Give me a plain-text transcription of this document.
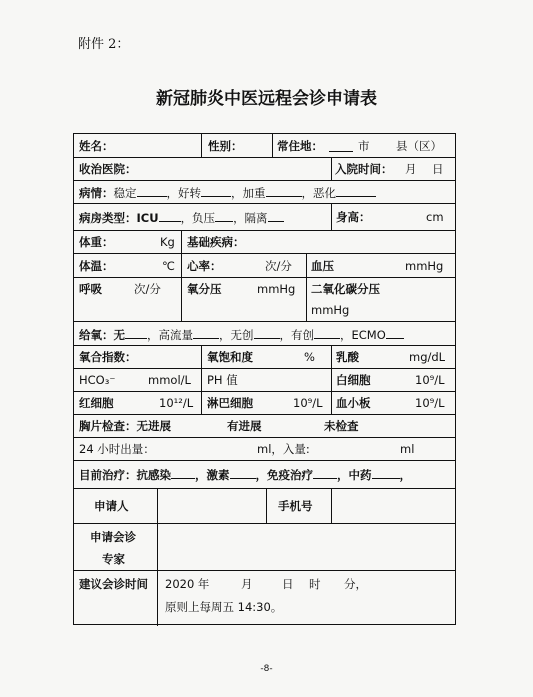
附件 2：
新冠肺炎中医远程会诊申请表
姓名：	性别：	常住地：	市 县（区）
收治医院：	入院时间： 月 日
病情：稳定	，好转	，加重	，恶化
病房类型：ICU ，负压 ，隔离	身高：	cm
体重：	Kg 基础疾病：
体温：	℃ 心率：	次/分 血压	mmHg
呼吸	次/分 氧分压	mmHg 二氧化碳分压
mmHg
给氧：无 ，高流量 ，无创 ，有创 ，ECMO
氧合指数：	氧饱和度	% 乳酸	mg/dL
HCO₃⁻	mmol/L PH 值	白细胞	10⁹/L
红细胞	10¹²/L 淋巴细胞	10⁹/L 血小板	10⁹/L
胸片检查：无进展	有进展	未检查
24 小时出量：	ml，入量:	ml
目前治疗：抗感染 ，激素 ，免疫治疗 ，中药 ，
申请人	手机号
申请会诊
专家
建议会诊时间 2020 年	月	日 时 分，
原则上每周五 14:30。
-8-
